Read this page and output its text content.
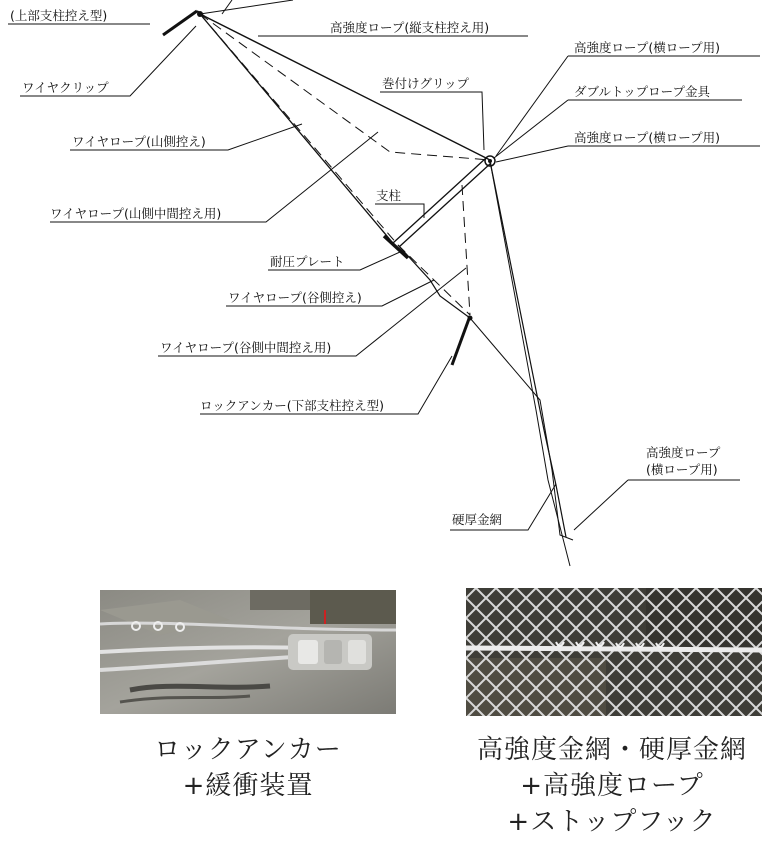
(上部支柱控え型)
ワイヤクリップ
高強度ロープ(縦支柱控え用)
巻付けグリップ
高強度ロープ(横ロープ用)
ダブルトップロープ金具
高強度ロープ(横ロープ用)
ワイヤロープ(山側控え)
ワイヤロープ(山側中間控え用)
支柱
耐圧プレート
ワイヤロープ(谷側控え)
ワイヤロープ(谷側中間控え用)
ロックアンカー(下部支柱控え型)
高強度ロープ
(横ロープ用)
硬厚金網
ロックアンカー
+緩衝装置
高強度金網・硬厚金網
+高強度ロープ
+ストップフック
